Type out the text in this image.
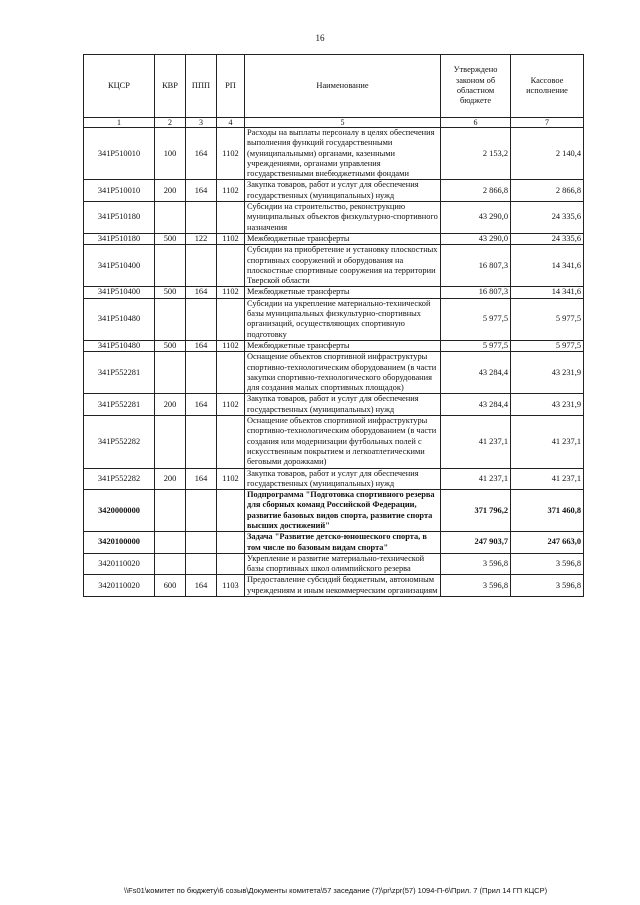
16
КЦСР	КВР	ППП	РП	Наименование	Утверждено законом об областном бюджете	Кассовое исполнение
1	2	3	4	5	6	7
341P510010	100	164	1102	Расходы на выплаты персоналу в целях обеспечения выполнения функций государственными (муниципальными) органами, казенными учреждениями, органами управления государственными внебюджетными фондами	2 153,2	2 140,4
341P510010	200	164	1102	Закупка товаров, работ и услуг для обеспечения государственных (муниципальных) нужд	2 866,8	2 866,8
341P510180				Субсидии на строительство, реконструкцию муниципальных объектов физкультурно-спортивного назначения	43 290,0	24 335,6
341P510180	500	122	1102	Межбюджетные трансферты	43 290,0	24 335,6
341P510400				Субсидии на приобретение и установку плоскостных спортивных сооружений и оборудования на плоскостные спортивные сооружения на территории Тверской области	16 807,3	14 341,6
341P510400	500	164	1102	Межбюджетные трансферты	16 807,3	14 341,6
341P510480				Субсидии на укрепление материально-технической базы муниципальных физкультурно-спортивных организаций, осуществляющих спортивную подготовку	5 977,5	5 977,5
341P510480	500	164	1102	Межбюджетные трансферты	5 977,5	5 977,5
341P552281				Оснащение объектов спортивной инфраструктуры спортивно-технологическим оборудованием (в части закупки спортивно-технологического оборудования для создания малых спортивных площадок)	43 284,4	43 231,9
341P552281	200	164	1102	Закупка товаров, работ и услуг для обеспечения государственных (муниципальных) нужд	43 284,4	43 231,9
341P552282				Оснащение объектов спортивной инфраструктуры спортивно-технологическим оборудованием (в части создания или модернизации футбольных полей с искусственным покрытием и легкоатлетическими беговыми дорожками)	41 237,1	41 237,1
341P552282	200	164	1102	Закупка товаров, работ и услуг для обеспечения государственных (муниципальных) нужд	41 237,1	41 237,1
3420000000				Подпрограмма "Подготовка спортивного резерва для сборных команд Российской Федерации, развитие базовых видов спорта, развитие спорта высших достижений"	371 796,2	371 460,8
3420100000				Задача "Развитие детско-юношеского спорта, в том числе по базовым видам спорта"	247 903,7	247 663,0
3420110020				Укрепление и развитие материально-технической базы спортивных школ олимпийского резерва	3 596,8	3 596,8
3420110020	600	164	1103	Предоставление субсидий бюджетным, автономным учреждениям и иным некоммерческим организациям	3 596,8	3 596,8
\\Fs01\комитет по бюджету\6 созыв\Документы комитета\57 заседание (7)\pr\zpr(57) 1094-П-6\Прил. 7 (Прил 14 ГП КЦСР)
